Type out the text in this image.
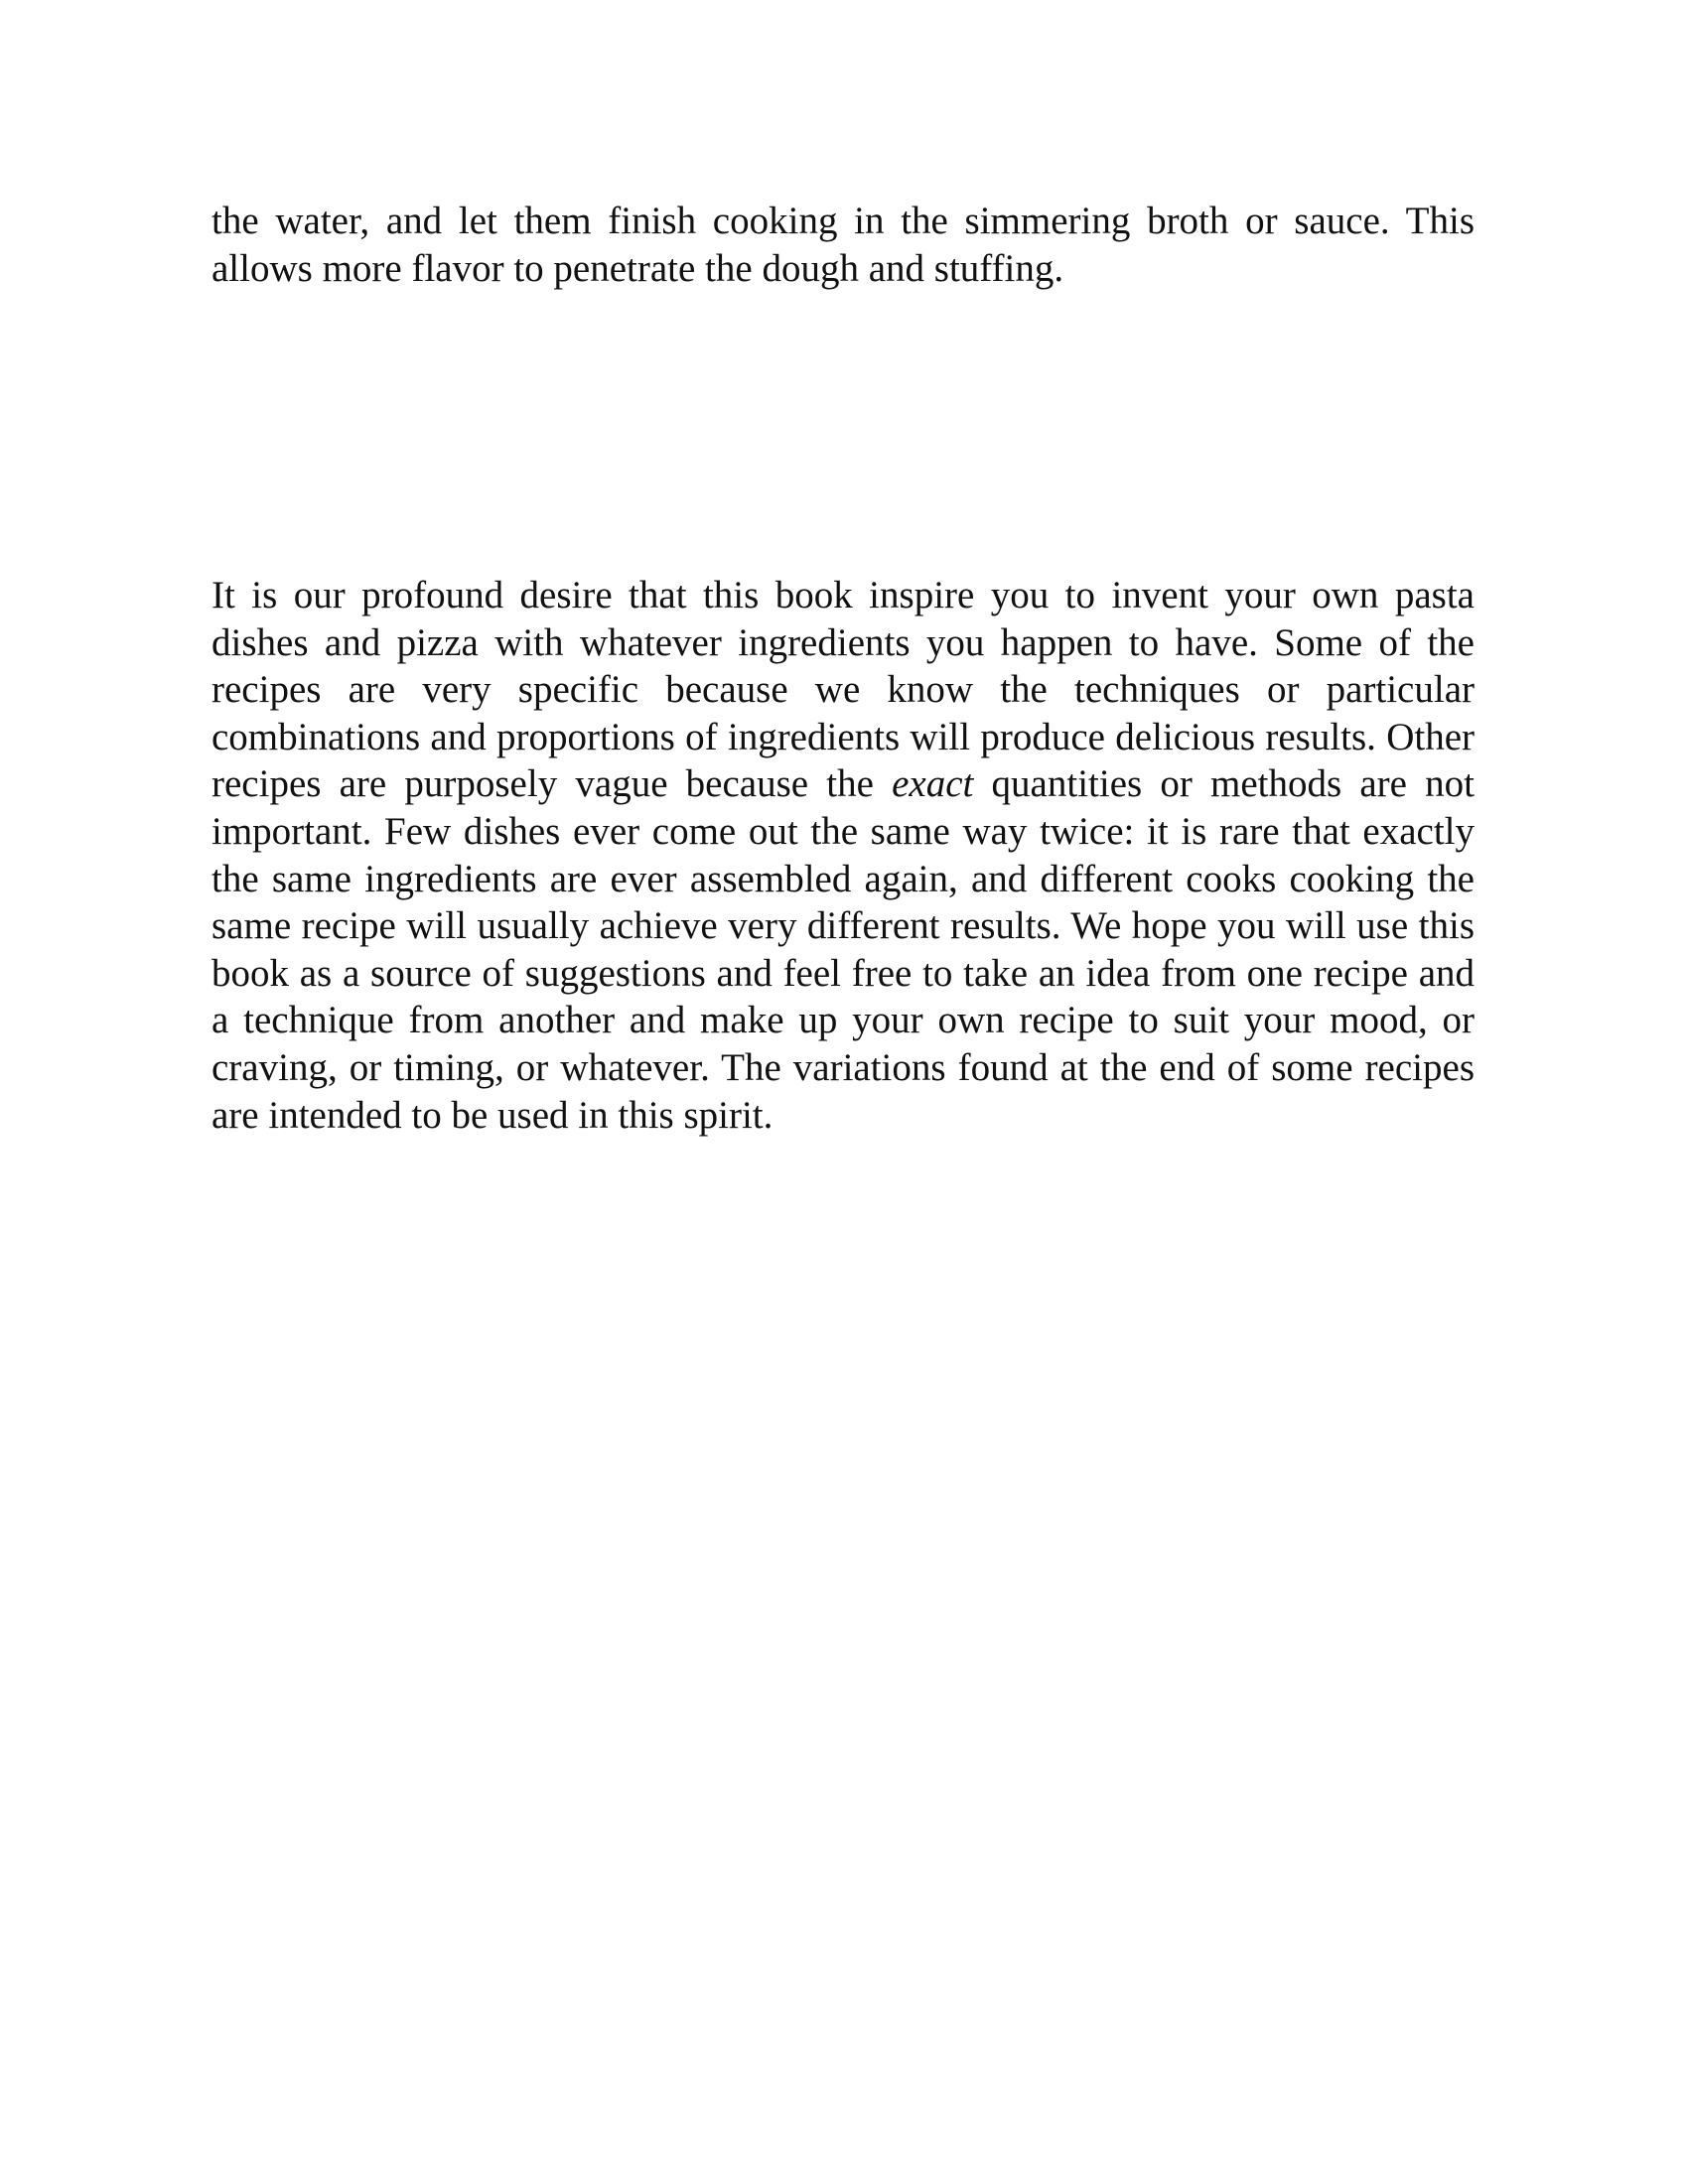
the water, and let them finish cooking in the simmering broth or sauce. This allows more flavor to penetrate the dough and stuffing.

It is our profound desire that this book inspire you to invent your own pasta dishes and pizza with whatever ingredients you happen to have. Some of the recipes are very specific because we know the techniques or particular combinations and proportions of ingredients will produce delicious results. Other recipes are purposely vague because the exact quantities or methods are not important. Few dishes ever come out the same way twice: it is rare that exactly the same ingredients are ever assembled again, and different cooks cooking the same recipe will usually achieve very different results. We hope you will use this book as a source of suggestions and feel free to take an idea from one recipe and a technique from another and make up your own recipe to suit your mood, or craving, or timing, or whatever. The variations found at the end of some recipes are intended to be used in this spirit.
